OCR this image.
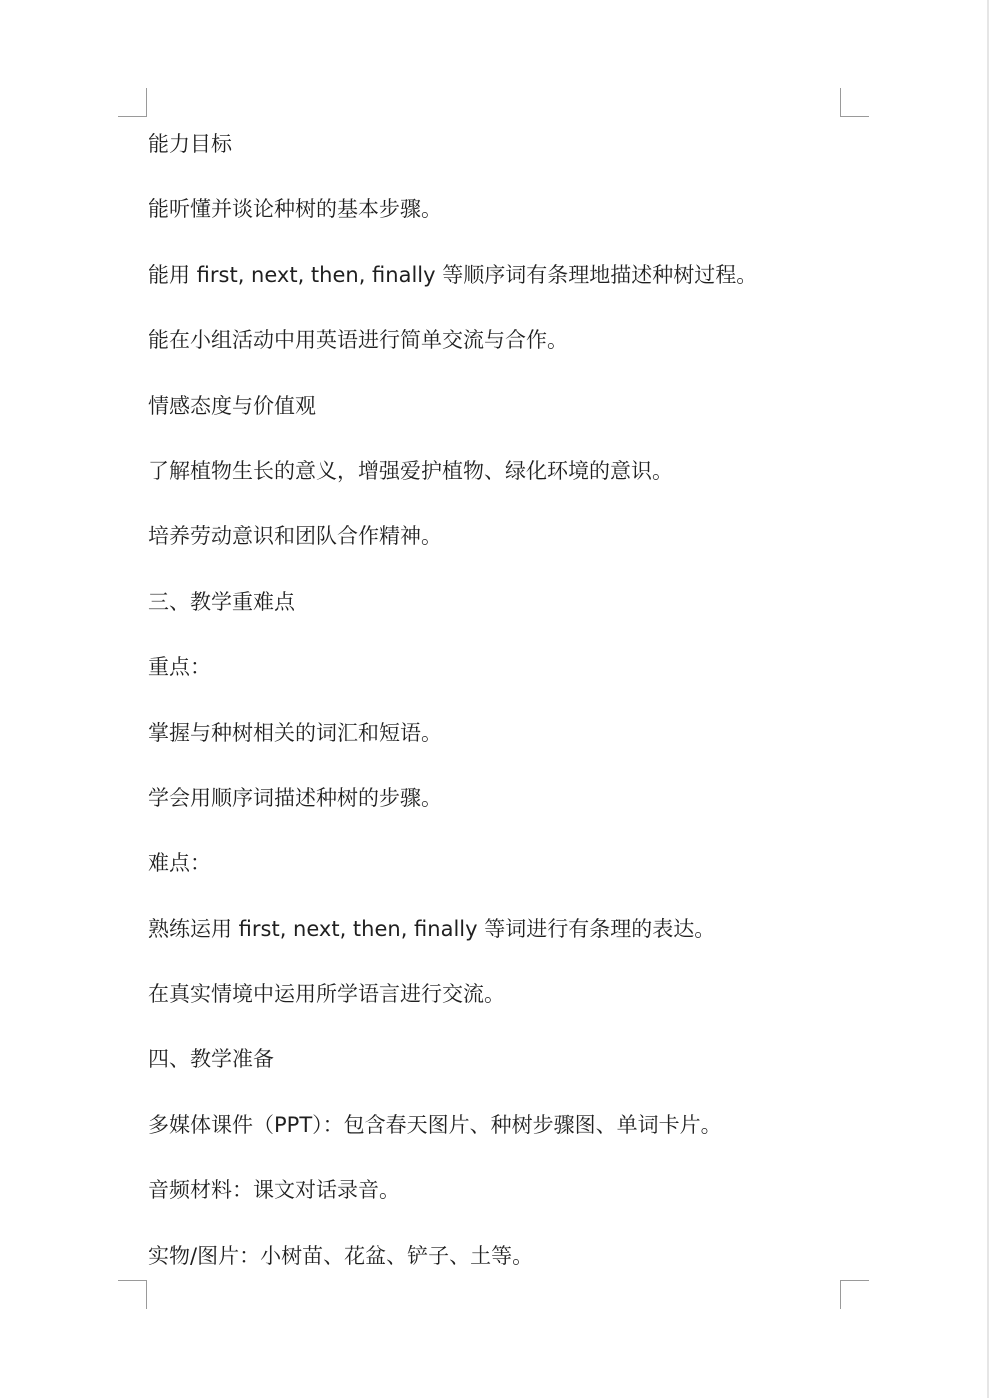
能力目标
能听懂并谈论种树的基本步骤。
能用 first, next, then, finally 等顺序词有条理地描述种树过程。
能在小组活动中用英语进行简单交流与合作。
情感态度与价值观
了解植物生长的意义，增强爱护植物、绿化环境的意识。
培养劳动意识和团队合作精神。
三、教学重难点
重点：
掌握与种树相关的词汇和短语。
学会用顺序词描述种树的步骤。
难点：
熟练运用 first, next, then, finally 等词进行有条理的表达。
在真实情境中运用所学语言进行交流。
四、教学准备
多媒体课件（PPT）：包含春天图片、种树步骤图、单词卡片。
音频材料：课文对话录音。
实物/图片：小树苗、花盆、铲子、土等。
